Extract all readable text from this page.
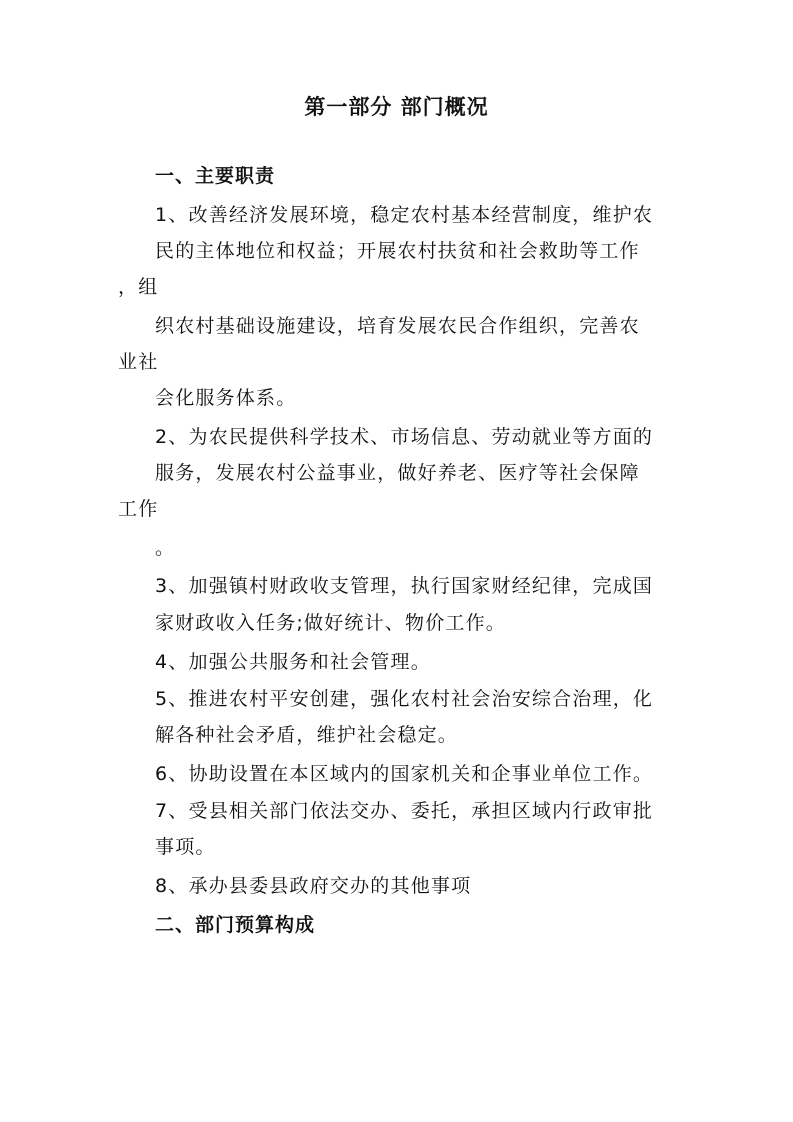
第一部分 部门概况
一、主要职责
1、改善经济发展环境，稳定农村基本经营制度，维护农
民的主体地位和权益；开展农村扶贫和社会救助等工作
，组
织农村基础设施建设，培育发展农民合作组织，完善农
业社
会化服务体系。
2、为农民提供科学技术、市场信息、劳动就业等方面的
服务，发展农村公益事业，做好养老、医疗等社会保障
工作
。
3、加强镇村财政收支管理，执行国家财经纪律，完成国
家财政收入任务;做好统计、物价工作。
4、加强公共服务和社会管理。
5、推进农村平安创建，强化农村社会治安综合治理，化
解各种社会矛盾，维护社会稳定。
6、协助设置在本区域内的国家机关和企事业单位工作。
7、受县相关部门依法交办、委托，承担区域内行政审批
事项。
8、承办县委县政府交办的其他事项
二、部门预算构成
